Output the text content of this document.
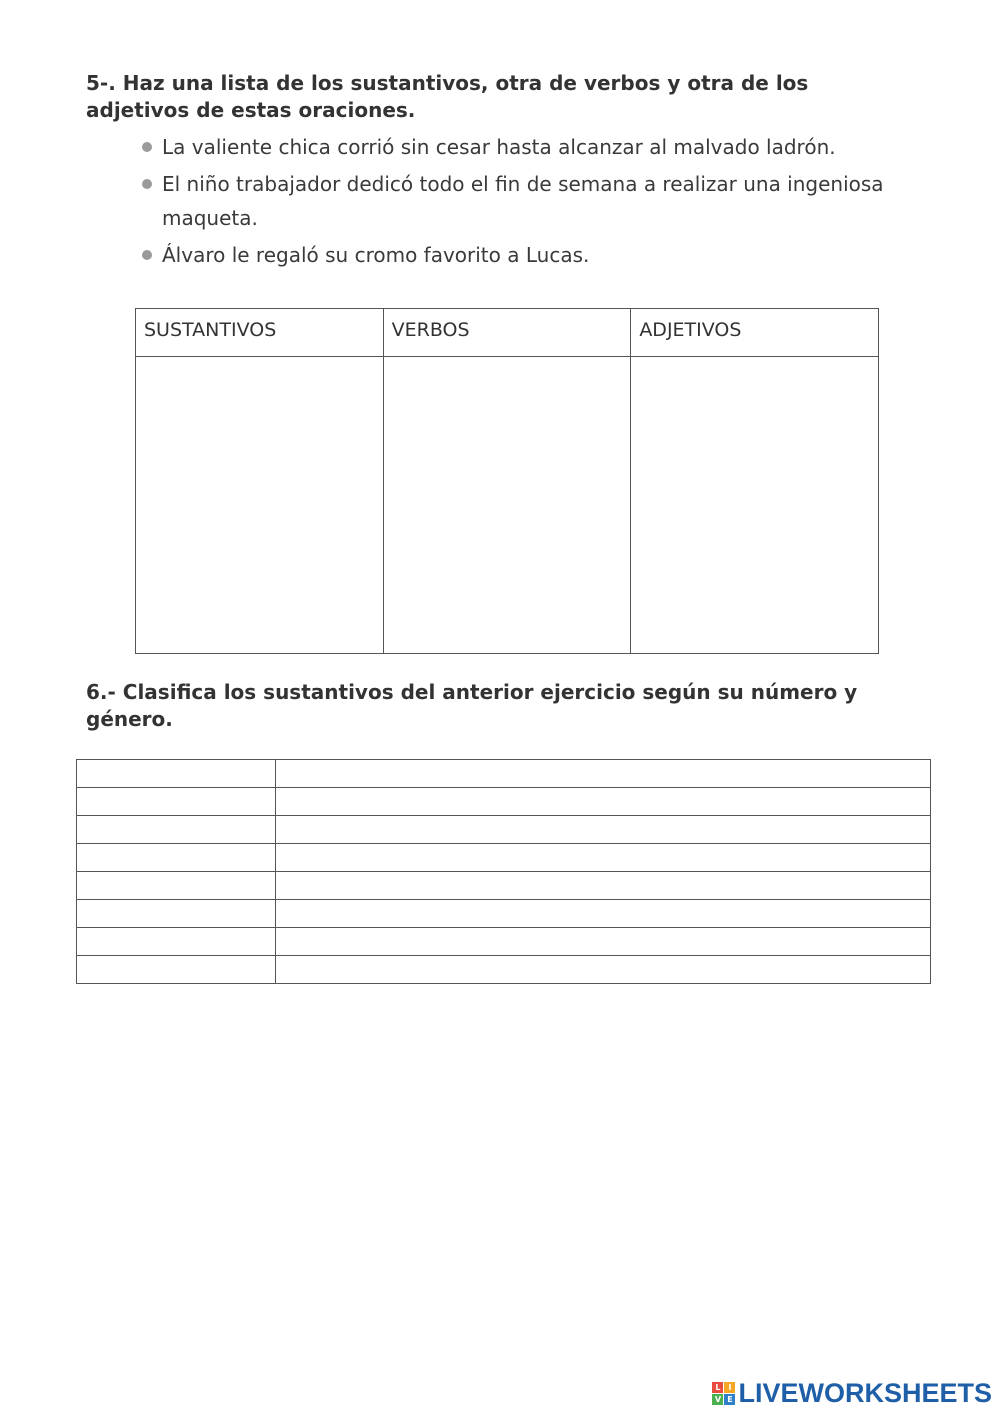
5-. Haz una lista de los sustantivos, otra de verbos y otra de los adjetivos de estas oraciones.

La valiente chica corrió sin cesar hasta alcanzar al malvado ladrón.
El niño trabajador dedicó todo el fin de semana a realizar una ingeniosa maqueta.
Álvaro le regaló su cromo favorito a Lucas.
SUSTANTIVOS	VERBOS	ADJETIVOS

6.- Clasifica los sustantivos del anterior ejercicio según su número y género.

L I
V E LIVEWORKSHEETS
